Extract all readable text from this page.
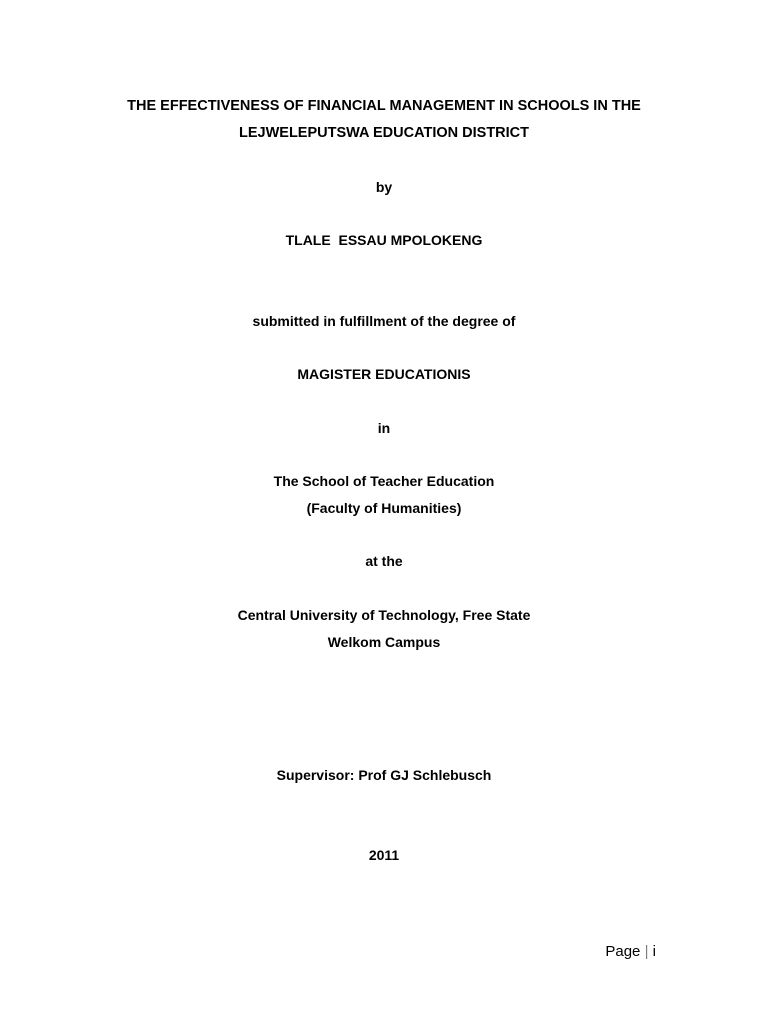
THE EFFECTIVENESS OF FINANCIAL MANAGEMENT IN SCHOOLS IN THE
LEJWELEPUTSWA EDUCATION DISTRICT
by
TLALE  ESSAU MPOLOKENG
submitted in fulfillment of the degree of
MAGISTER EDUCATIONIS
in
The School of Teacher Education
(Faculty of Humanities)
at the
Central University of Technology, Free State
Welkom Campus
Supervisor: Prof GJ Schlebusch
2011
Page | i
